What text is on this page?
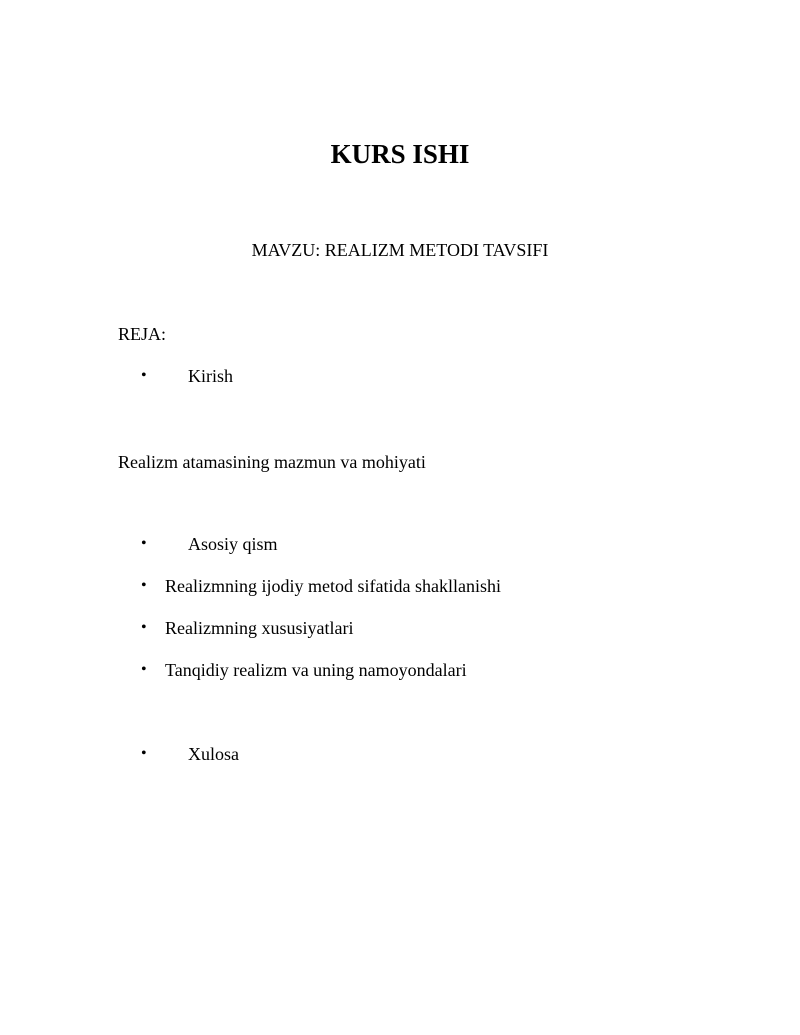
KURS ISHI
MAVZU: REALIZM METODI TAVSIFI
REJA:
• Kirish
Realizm atamasining mazmun va mohiyati
• Asosiy qism
• Realizmning ijodiy metod sifatida shakllanishi
• Realizmning xususiyatlari
• Tanqidiy realizm va uning namoyondalari
• Xulosa
